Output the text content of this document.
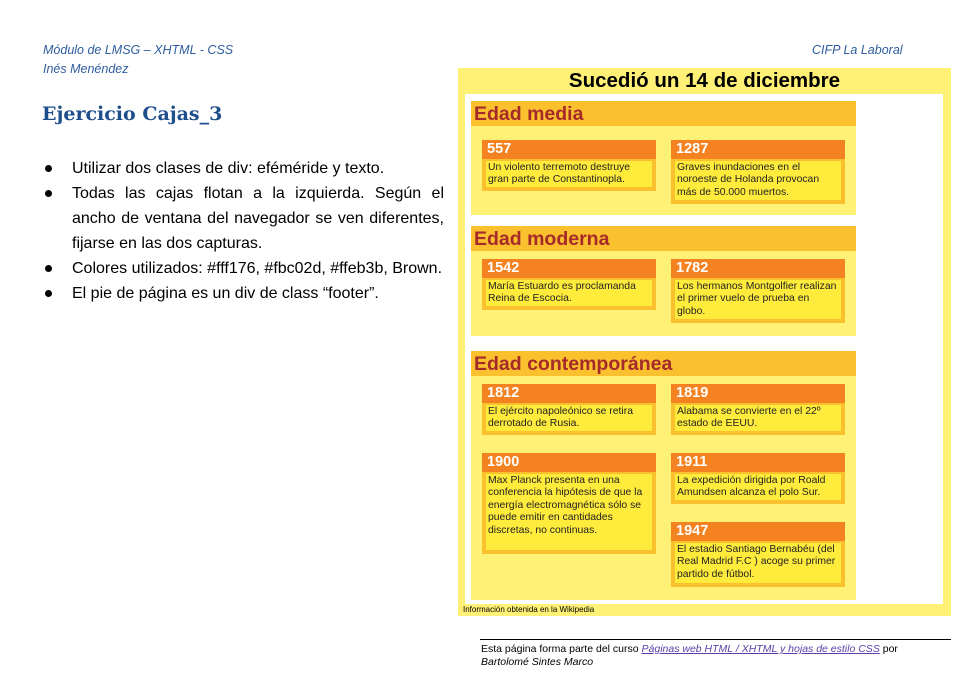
Módulo de LMSG – XHTML - CSS
Inés Menéndez
CIFP La Laboral
Ejercicio Cajas_3
Utilizar dos clases de div: eféméride y texto.
Todas las cajas flotan a la izquierda. Según el ancho de ventana del navegador se ven diferentes, fijarse en las dos capturas.
Colores utilizados: #fff176, #fbc02d, #ffeb3b, Brown.
El pie de página es un div de class “footer”.
Sucedió un 14 de diciembre
Edad media
557
Un violento terremoto destruye gran parte de Constantinopla.
1287
Graves inundaciones en el noroeste de Holanda provocan más de 50.000 muertos.
Edad moderna
1542
María Estuardo es proclamanda Reina de Escocia.
1782
Los hermanos Montgolfier realizan el primer vuelo de prueba en globo.
Edad contemporánea
1812
El ejército napoleónico se retira derrotado de Rusia.
1819
Alabama se convierte en el 22º estado de EEUU.
1900
Max Planck presenta en una conferencia la hipótesis de que la energía electromagnética sólo se puede emitir en cantidades discretas, no continuas.
1911
La expedición dirigida por Roald Amundsen alcanza el polo Sur.
1947
El estadio Santiago Bernabéu (del Real Madrid F.C ) acoge su primer partido de fútbol.
Información obtenida en la Wikipedia
Esta página forma parte del curso Páginas web HTML / XHTML y hojas de estilo CSS por
Bartolomé Sintes Marco
